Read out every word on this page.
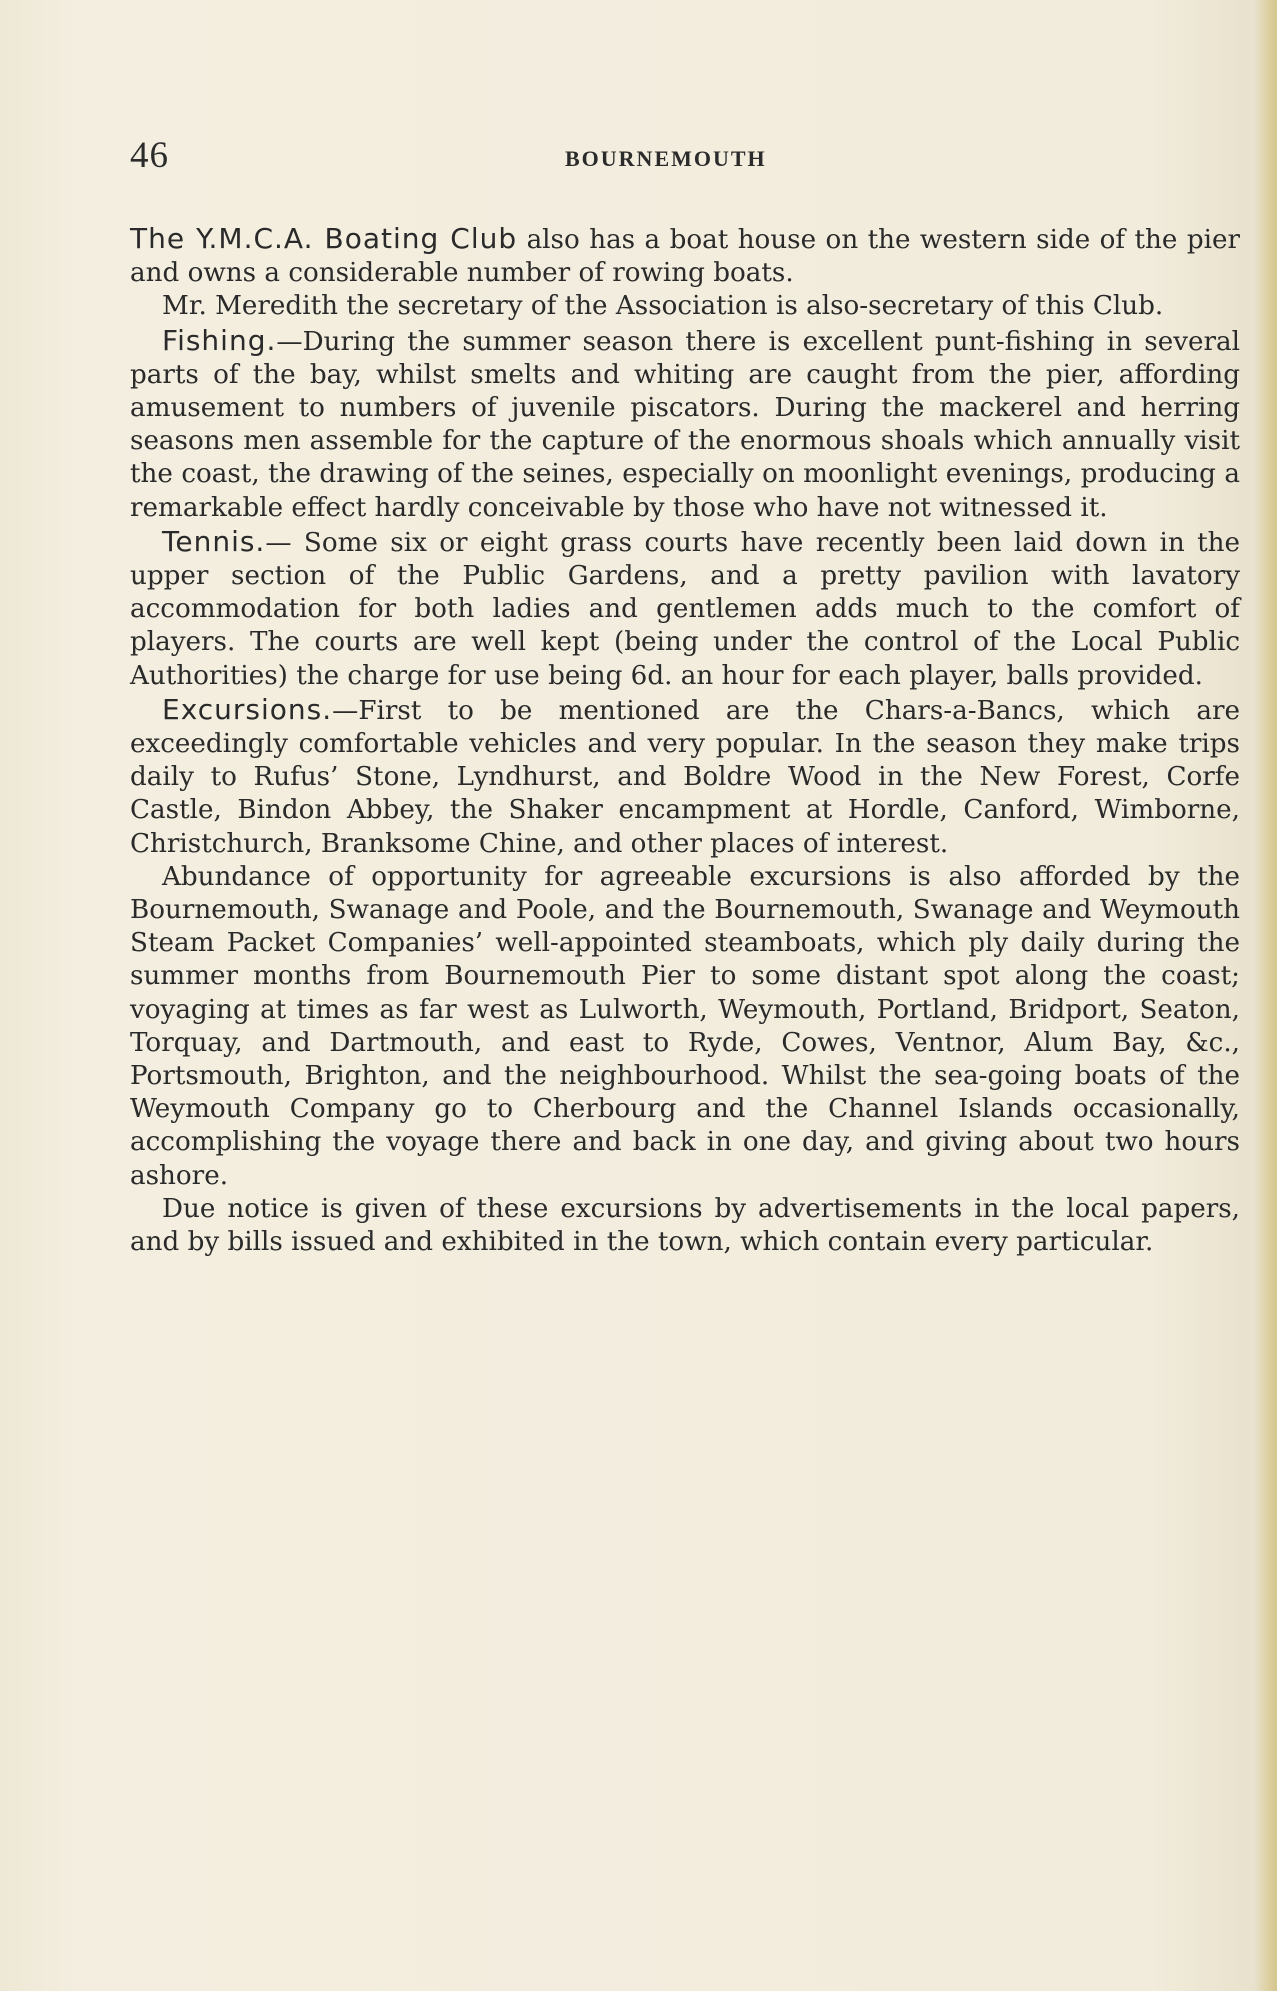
46	BOURNEMOUTH

The Y.M.C.A. Boating Club also has a boat house on the western side of the pier and owns a considerable number of rowing boats.

Mr. Meredith the secretary of the Association is also-secretary of this Club.

Fishing.—During the summer season there is excellent punt-fishing in several parts of the bay, whilst smelts and whiting are caught from the pier, affording amusement to numbers of juvenile piscators. During the mackerel and herring seasons men assemble for the capture of the enormous shoals which annually visit the coast, the drawing of the seines, especially on moonlight evenings, producing a remarkable effect hardly conceivable by those who have not witnessed it.

Tennis.— Some six or eight grass courts have recently been laid down in the upper section of the Public Gardens, and a pretty pavilion with lavatory accommodation for both ladies and gentlemen adds much to the comfort of players. The courts are well kept (being under the control of the Local Public Authorities) the charge for use being 6d. an hour for each player, balls provided.

Excursions.—First to be mentioned are the Chars-a-Bancs, which are exceedingly comfortable vehicles and very popular. In the season they make trips daily to Rufus’ Stone, Lyndhurst, and Boldre Wood in the New Forest, Corfe Castle, Bindon Abbey, the Shaker encampment at Hordle, Canford, Wimborne, Christchurch, Branksome Chine, and other places of interest.

Abundance of opportunity for agreeable excursions is also afforded by the Bournemouth, Swanage and Poole, and the Bournemouth, Swanage and Weymouth Steam Packet Companies’ well-appointed steamboats, which ply daily during the summer months from Bournemouth Pier to some distant spot along the coast; voyaging at times as far west as Lulworth, Weymouth, Portland, Bridport, Seaton, Torquay, and Dartmouth, and east to Ryde, Cowes, Ventnor, Alum Bay, &c., Portsmouth, Brighton, and the neighbourhood. Whilst the sea-going boats of the Weymouth Company go to Cherbourg and the Channel Islands occasionally, accomplishing the voyage there and back in one day, and giving about two hours ashore.

Due notice is given of these excursions by advertisements in the local papers, and by bills issued and exhibited in the town, which contain every particular.
